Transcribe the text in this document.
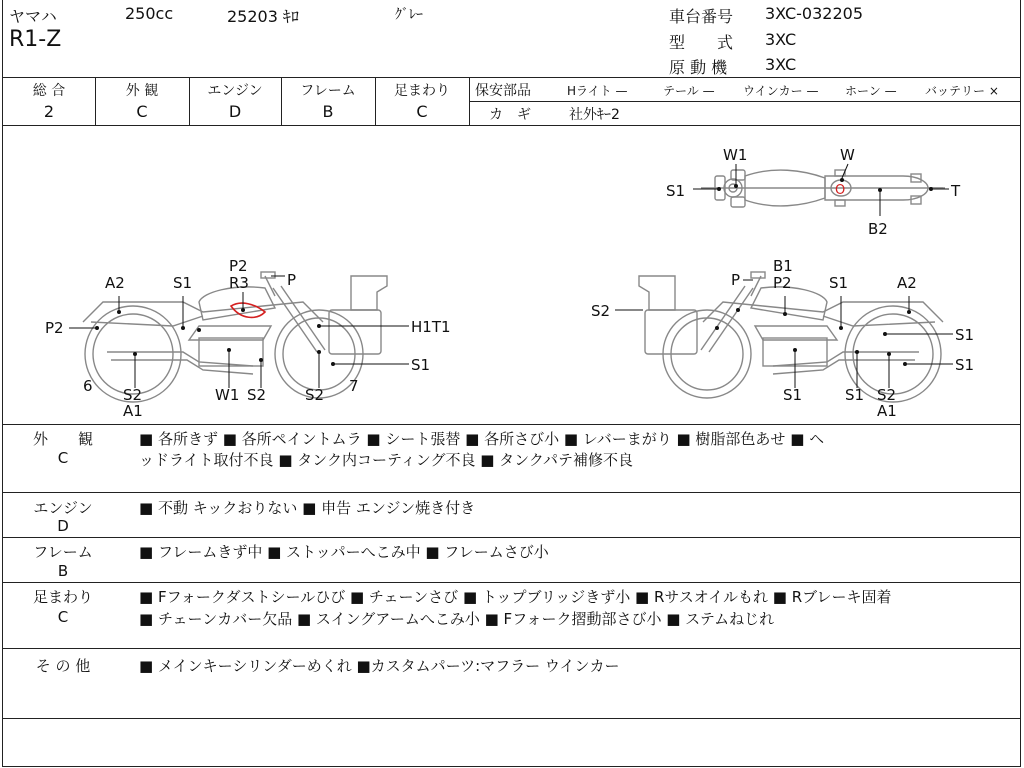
ヤマハ
R1-Z
250cc	25203 ｷﾛ	ｸﾞﾚｰ	車台番号 3XC-032205
型　　式 3XC
原 動 機 3XC
総 合
2
外 観
C
エンジン
D
フレーム
B
足まわり
C
保安部品	Hライト —	テール — ウインカー — ホーン — バッテリー ×
カ　ギ	社外ｷｰ2
S1
W1	W
T
B2
O
P2
R3	P
A2	S1
P2	H1T1
S1
6 S2
A1
W1 S2	S2 7
B1
P P2 S1	A2
S2
S1
S1
S1	S1 S2
A1
外　　観
C
■ 各所きず ■ 各所ペイントムラ ■ シート張替 ■ 各所さび小 ■ レバーまがり ■ 樹脂部色あせ ■ ヘ
ッドライト取付不良 ■ タンク内コーティング不良 ■ タンクパテ補修不良
エンジン
D
■ 不動 キックおりない ■ 申告 エンジン焼き付き
フレーム
B
■ フレームきず中 ■ ストッパーへこみ中 ■ フレームさび小
足まわり
C
■ Fフォークダストシールひび ■ チェーンさび ■ トップブリッジきず小 ■ Rサスオイルもれ ■ Rブレーキ固着
■ チェーンカバー欠品 ■ スイングアームへこみ小 ■ Fフォーク摺動部さび小 ■ ステムねじれ
そ の 他	■ メインキーシリンダーめくれ ■カスタムパーツ:マフラー ウインカー
